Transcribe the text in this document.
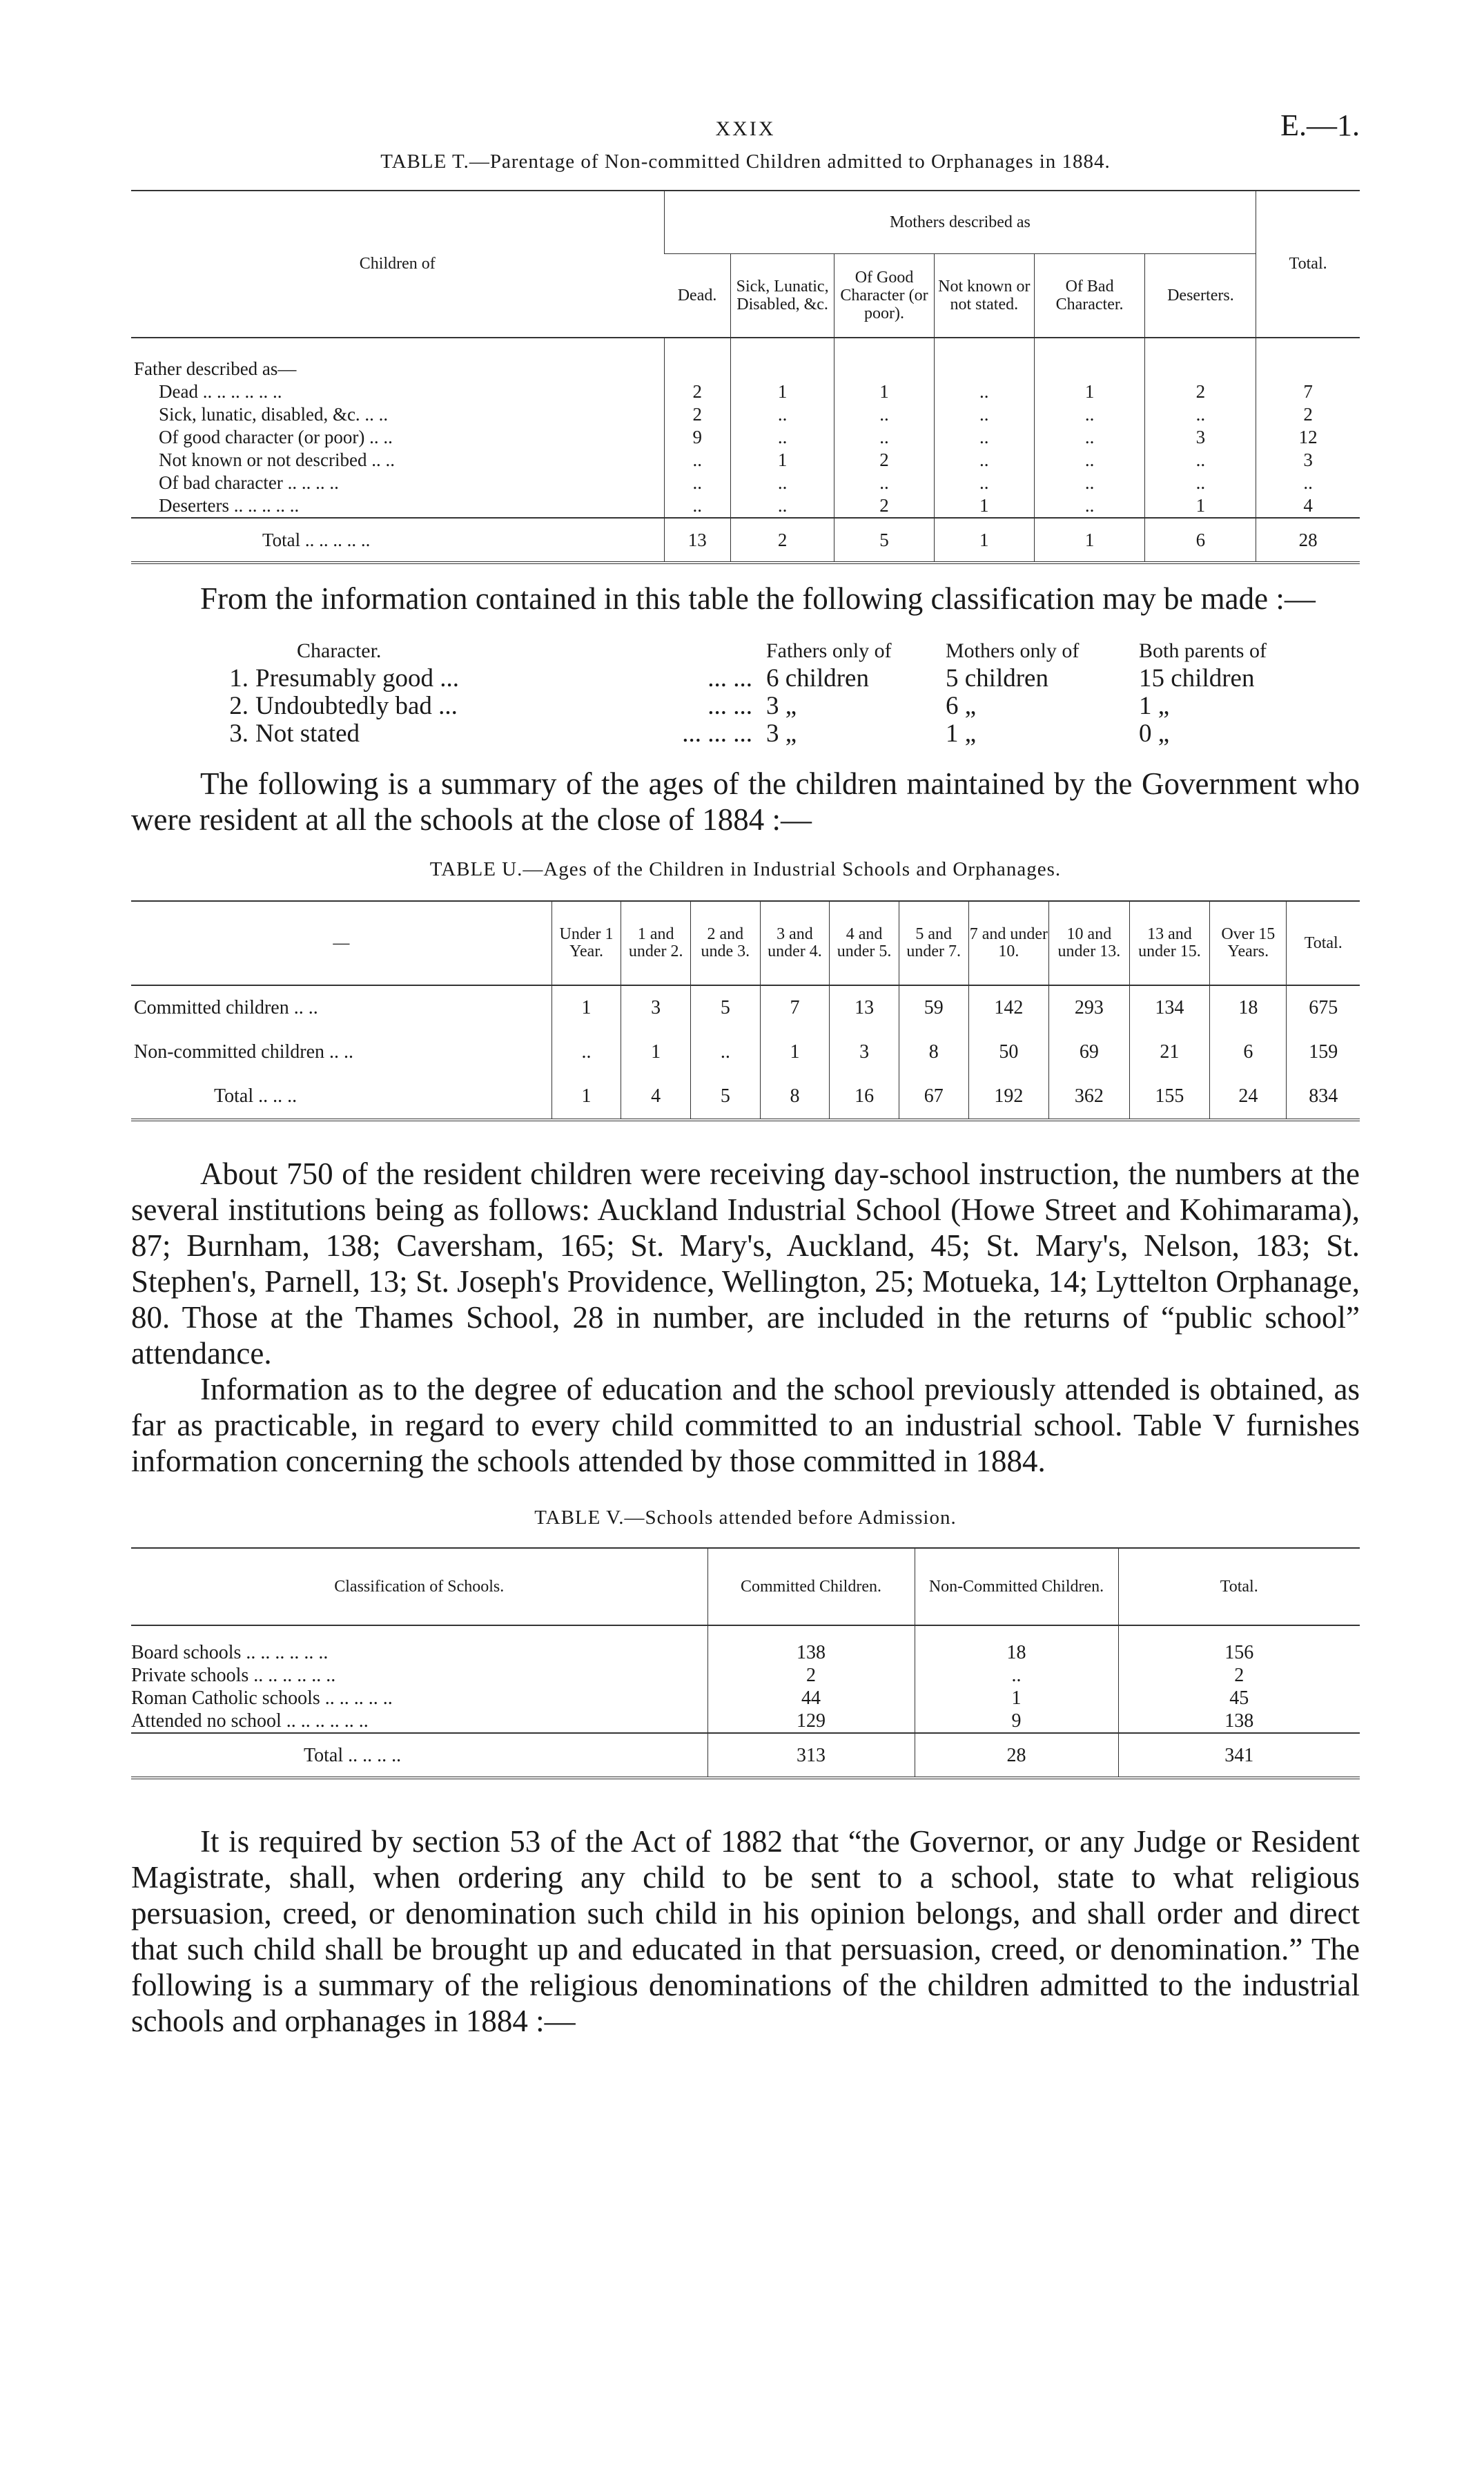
XXIX	E.—1.

TABLE T.—Parentage of Non-committed Children admitted to Orphanages in 1884.

Children of	Mothers described as						Total.
	Dead.	Sick, Lunatic, Disabled, &c.	Of Good Character (or poor).	Not known or not stated.	Of Bad Character.	Deserters.	
Father described as—							
Dead .. .. .. .. .. ..	2	1	1	..	1	2	7
Sick, lunatic, disabled, &c. .. ..	2	..	..	..	..	..	2
Of good character (or poor) .. ..	9	..	..	..	..	3	12
Not known or not described .. ..	..	1	2	..	..	..	3
Of bad character .. .. .. ..	..	..	..	..	..	..	..
Deserters .. .. .. .. ..	..	..	2	1	..	1	4
Total .. .. .. .. ..	13	2	5	1	1	6	28

From the information contained in this table the following classification may be made :—

	Character.		Fathers only of	Mothers only of	Both parents of
1.	Presumably good ...	... ...	6 children	5 children	15 children
2.	Undoubtedly bad ...	... ...	3 „	6 „	1 „
3.	Not stated	... ... ...	3 „	1 „	0 „

The following is a summary of the ages of the children maintained by the Government who were resident at all the schools at the close of 1884 :—

TABLE U.—Ages of the Children in Industrial Schools and Orphanages.

—	Under 1 Year.	1 and under 2.	2 and unde 3.	3 and under 4.	4 and under 5.	5 and under 7.	7 and under 10.	10 and under 13.	13 and under 15.	Over 15 Years.	Total.
Committed children .. ..	1	3	5	7	13	59	142	293	134	18	675
Non-committed children .. ..	..	1	..	1	3	8	50	69	21	6	159
Total .. .. ..	1	4	5	8	16	67	192	362	155	24	834

About 750 of the resident children were receiving day-school instruction, the numbers at the several institutions being as follows: Auckland Industrial School (Howe Street and Kohimarama), 87; Burnham, 138; Caversham, 165; St. Mary's, Auckland, 45; St. Mary's, Nelson, 183; St. Stephen's, Parnell, 13; St. Joseph's Providence, Wellington, 25; Motueka, 14; Lyttelton Orphanage, 80. Those at the Thames School, 28 in number, are included in the returns of “public school” attendance.

Information as to the degree of education and the school previously attended is obtained, as far as practicable, in regard to every child committed to an industrial school. Table V furnishes information concerning the schools attended by those committed in 1884.

TABLE V.—Schools attended before Admission.

Classification of Schools.	Committed Children.	Non-Committed Children.	Total.
Board schools .. .. .. .. .. ..	138	18	156
Private schools .. .. .. .. .. ..	2	..	2
Roman Catholic schools .. .. .. .. ..	44	1	45
Attended no school .. .. .. .. .. ..	129	9	138
Total .. .. .. ..	313	28	341

It is required by section 53 of the Act of 1882 that “the Governor, or any Judge or Resident Magistrate, shall, when ordering any child to be sent to a school, state to what religious persuasion, creed, or denomination such child in his opinion belongs, and shall order and direct that such child shall be brought up and educated in that persuasion, creed, or denomination.” The following is a summary of the religious denominations of the children admitted to the industrial schools and orphanages in 1884 :—
